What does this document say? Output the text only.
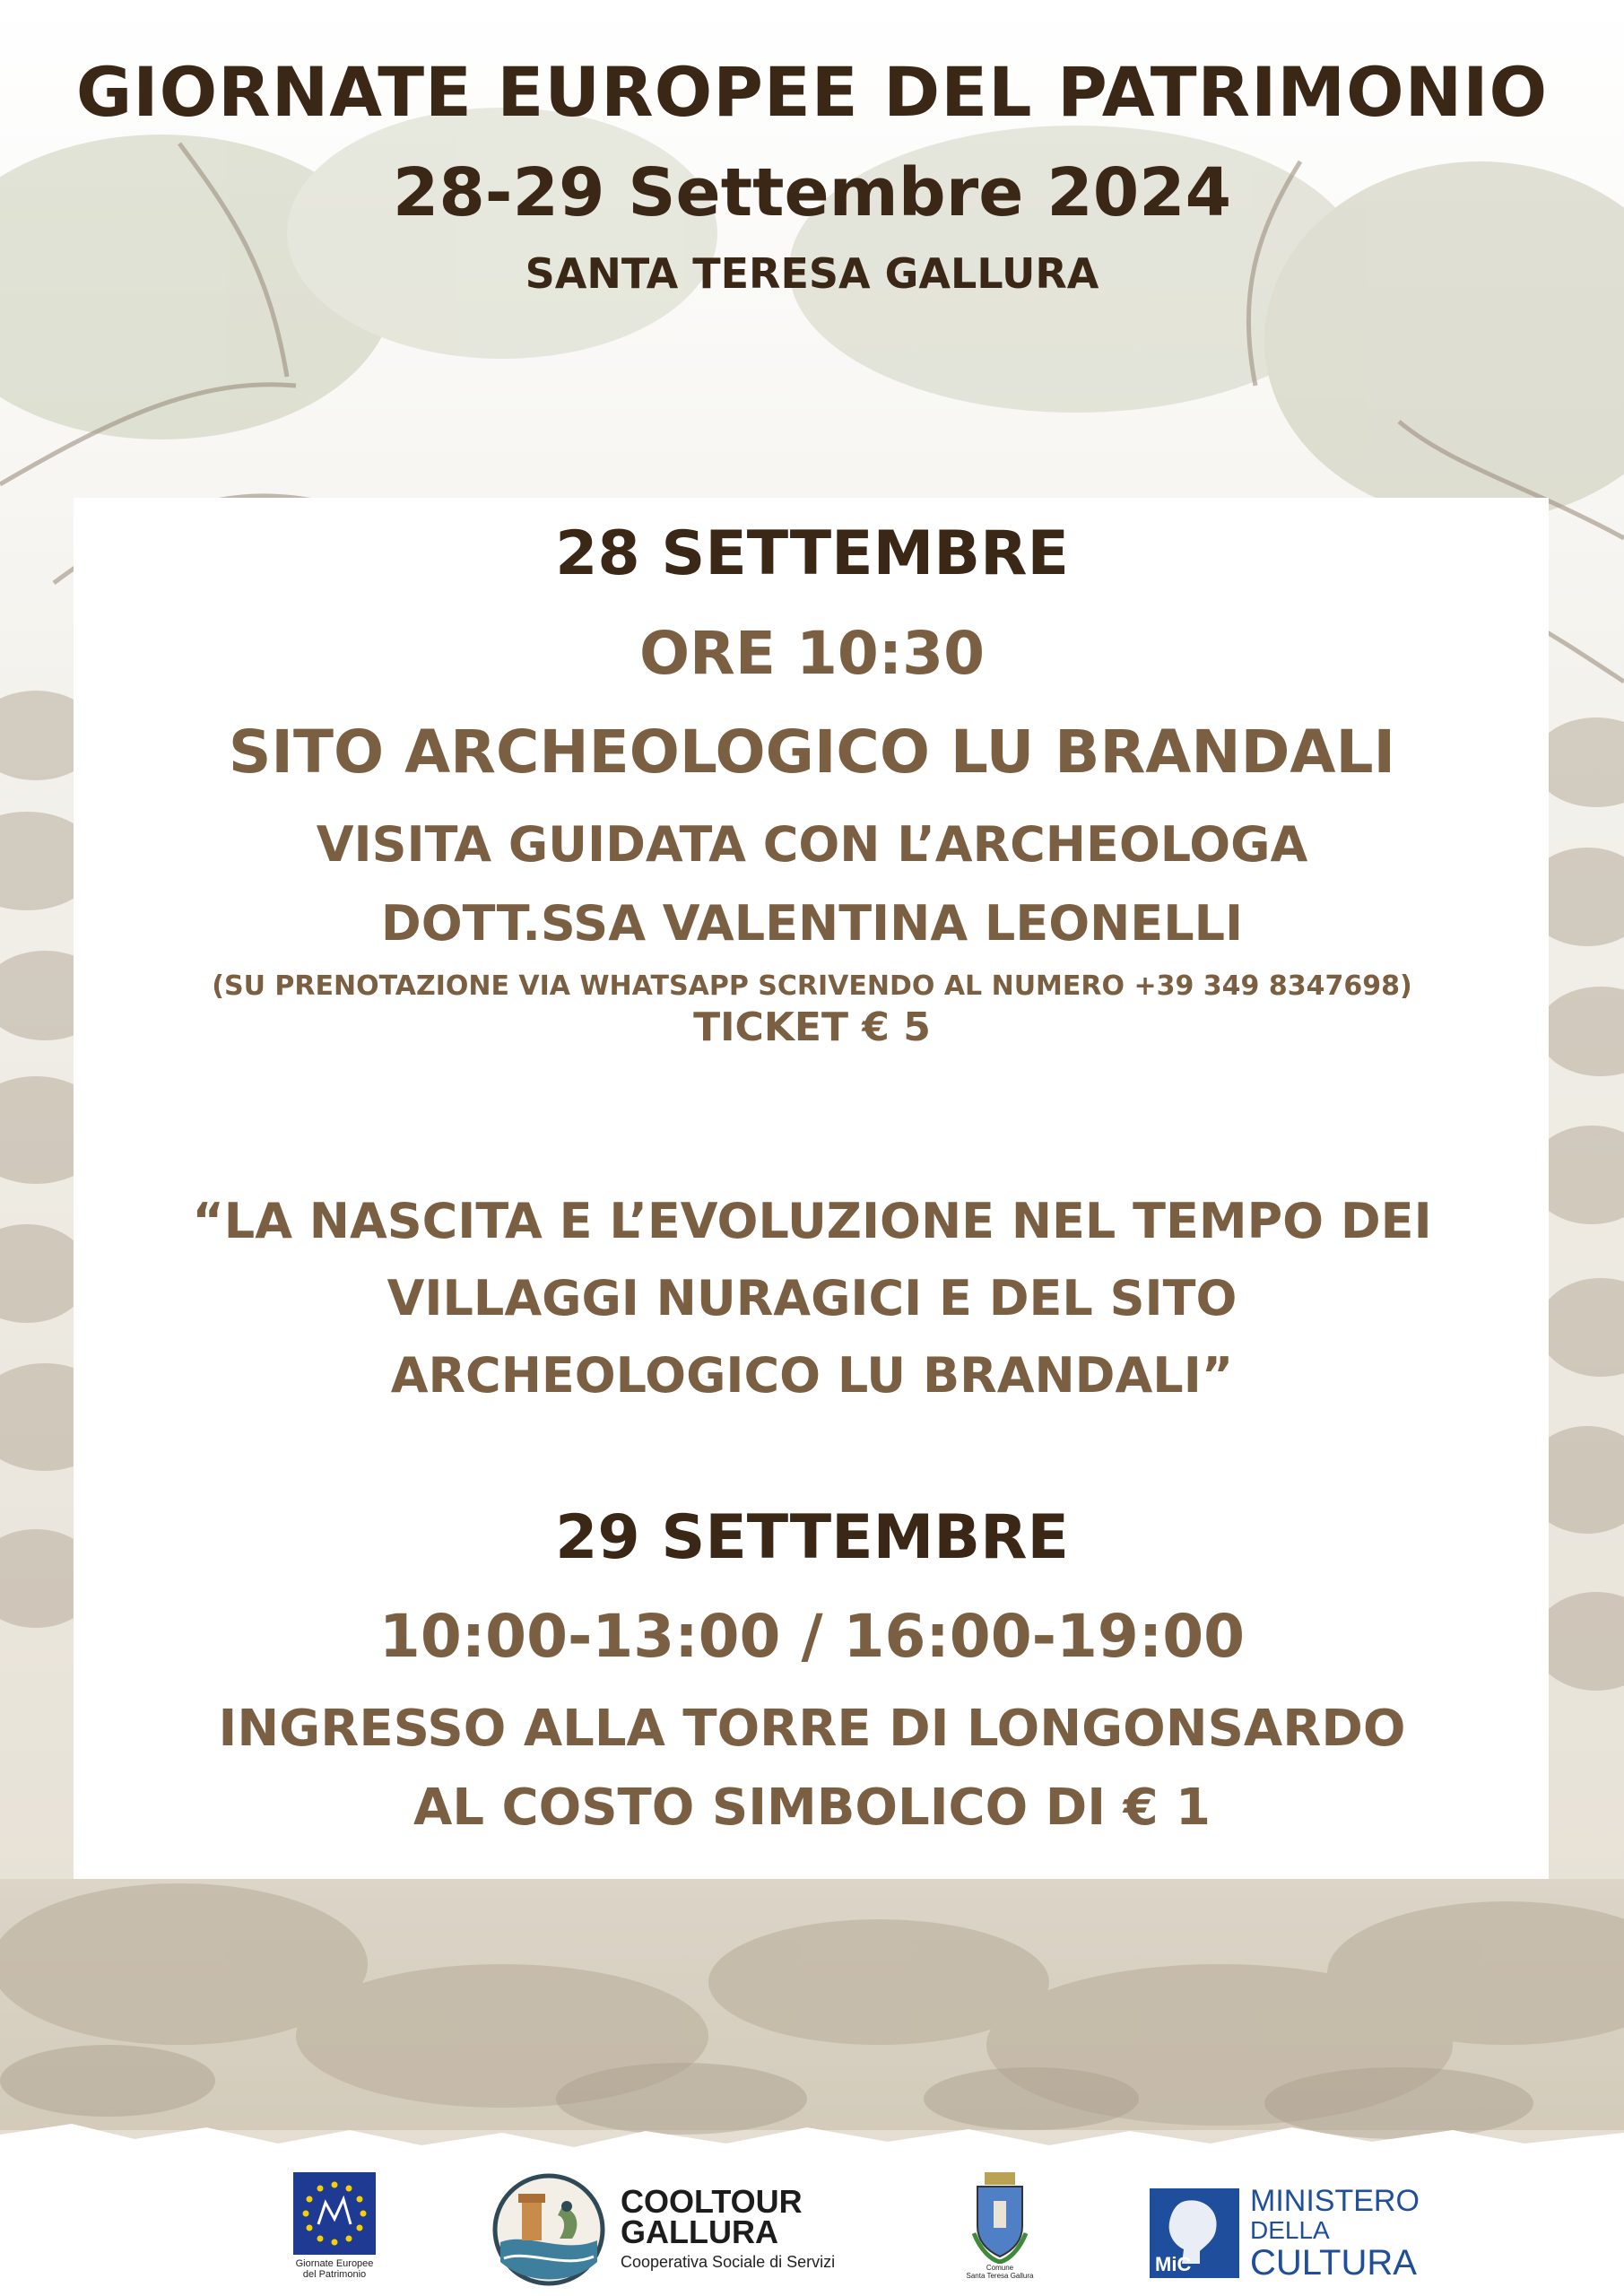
GIORNATE EUROPEE DEL PATRIMONIO
28-29 Settembre 2024
SANTA TERESA GALLURA
28 SETTEMBRE
ORE 10:30
SITO ARCHEOLOGICO LU BRANDALI
VISITA GUIDATA CON L’ARCHEOLOGA
DOTT.SSA VALENTINA LEONELLI
(SU PRENOTAZIONE VIA WHATSAPP SCRIVENDO AL NUMERO +39 349 8347698)
TICKET € 5
“LA NASCITA E L’EVOLUZIONE NEL TEMPO DEI
VILLAGGI NURAGICI E DEL SITO
ARCHEOLOGICO LU BRANDALI”
29 SETTEMBRE
10:00-13:00 / 16:00-19:00
INGRESSO ALLA TORRE DI LONGONSARDO
AL COSTO SIMBOLICO DI € 1
Giornate Europee
del Patrimonio
COOLTOUR
GALLURA
Cooperativa Sociale di Servizi	Comune
Santa Teresa Gallura
MiC
MINISTERO
DELLA
CULTURA
